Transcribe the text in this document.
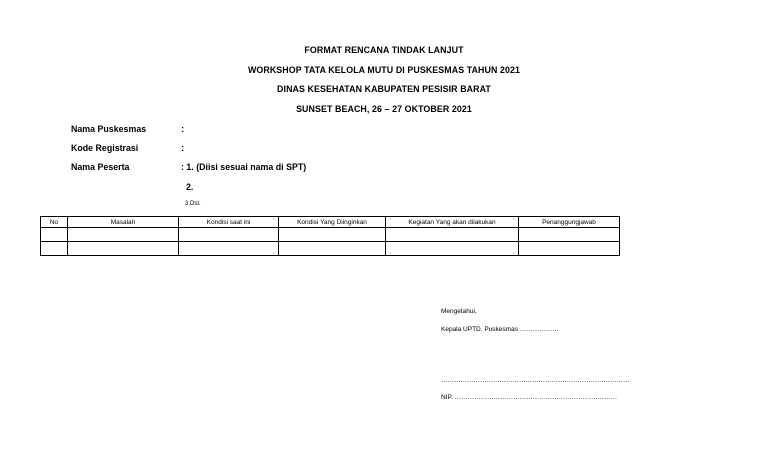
FORMAT RENCANA TINDAK LANJUT
WORKSHOP TATA KELOLA MUTU DI PUSKESMAS TAHUN 2021
DINAS KESEHATAN KABUPATEN PESISIR BARAT
SUNSET BEACH, 26 – 27 OKTOBER 2021
Nama Puskesmas	:
Kode Registrasi	:
Nama Peserta	: 1. (Diisi sesuai nama di SPT)
2.
3.Dst.
No	Masalah	Kondisi saat ini	Kondisi Yang Diinginkan	Kegiatan Yang akan dilakukan	Penanggungjawab

Mengetahui,
Kepala UPTD. Puskesmas ………………
……………………………………………………………………………
NIP. …………………………………………………………………
